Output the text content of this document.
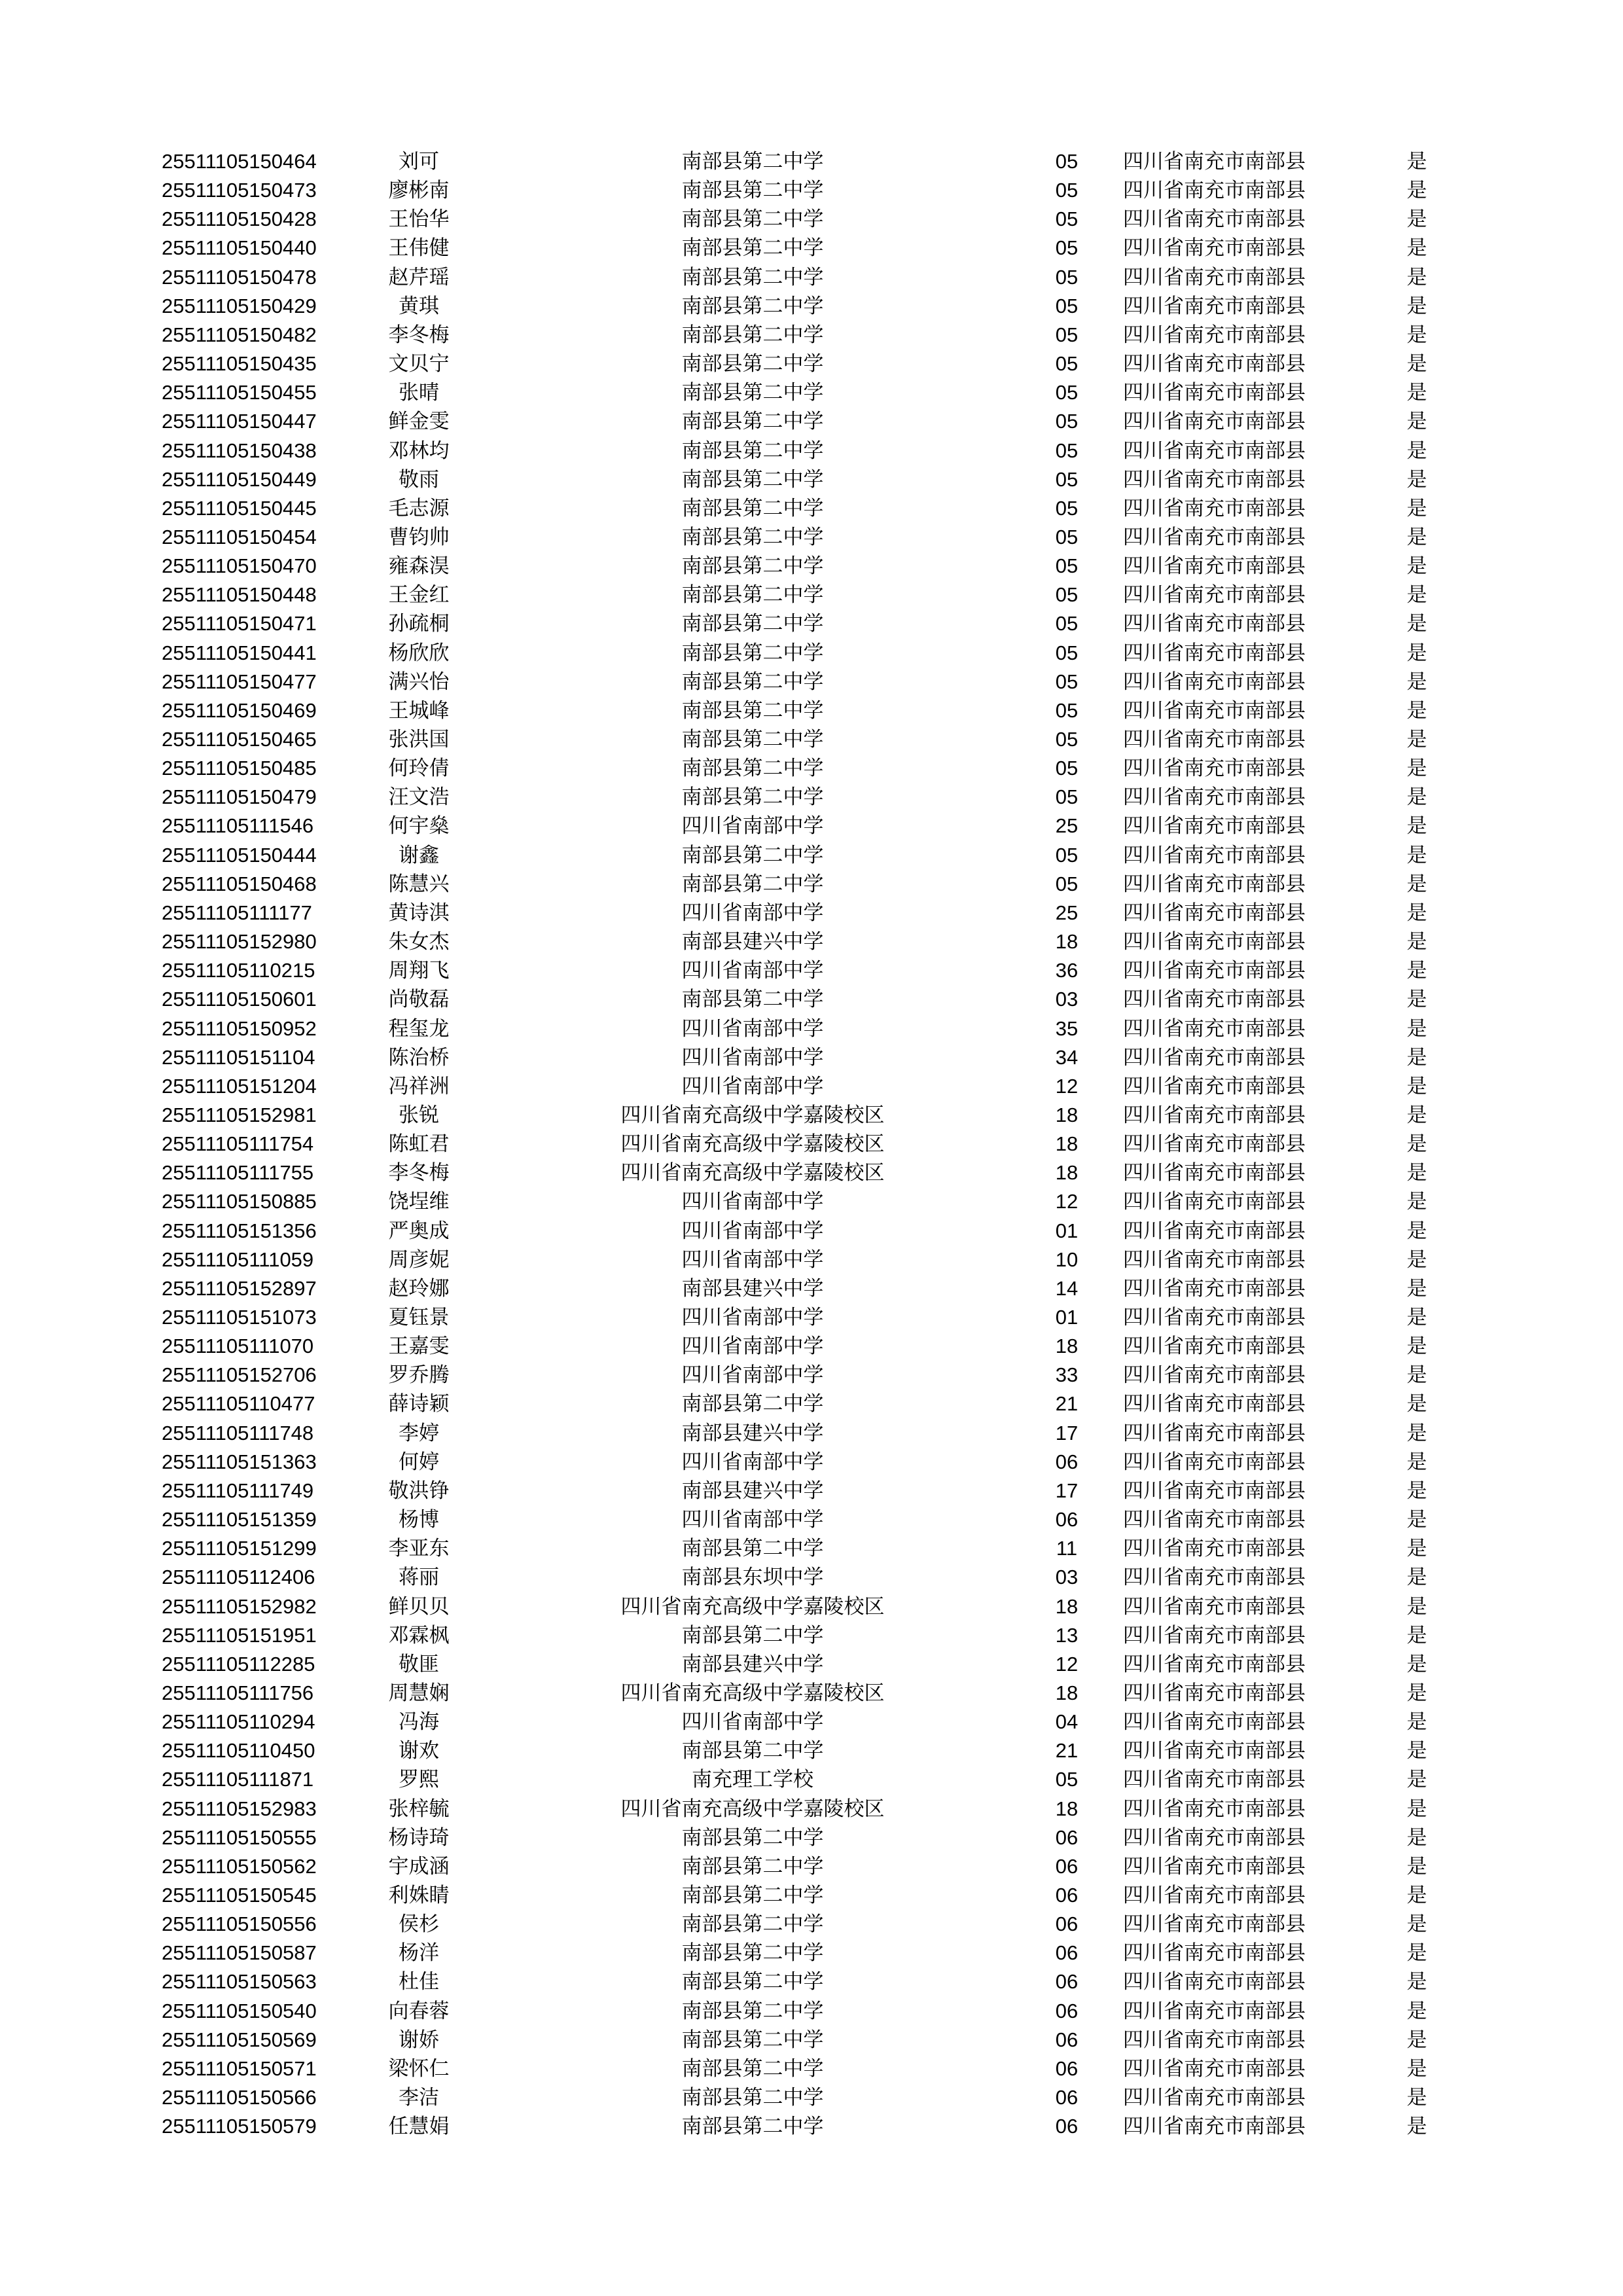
25511105150464	刘可	南部县第二中学	05	四川省南充市南部县	是
25511105150473	廖彬南	南部县第二中学	05	四川省南充市南部县	是
25511105150428	王怡华	南部县第二中学	05	四川省南充市南部县	是
25511105150440	王伟健	南部县第二中学	05	四川省南充市南部县	是
25511105150478	赵芹瑶	南部县第二中学	05	四川省南充市南部县	是
25511105150429	黄琪	南部县第二中学	05	四川省南充市南部县	是
25511105150482	李冬梅	南部县第二中学	05	四川省南充市南部县	是
25511105150435	文贝宁	南部县第二中学	05	四川省南充市南部县	是
25511105150455	张晴	南部县第二中学	05	四川省南充市南部县	是
25511105150447	鲜金雯	南部县第二中学	05	四川省南充市南部县	是
25511105150438	邓林均	南部县第二中学	05	四川省南充市南部县	是
25511105150449	敬雨	南部县第二中学	05	四川省南充市南部县	是
25511105150445	毛志源	南部县第二中学	05	四川省南充市南部县	是
25511105150454	曹钧帅	南部县第二中学	05	四川省南充市南部县	是
25511105150470	雍森淏	南部县第二中学	05	四川省南充市南部县	是
25511105150448	王金红	南部县第二中学	05	四川省南充市南部县	是
25511105150471	孙疏桐	南部县第二中学	05	四川省南充市南部县	是
25511105150441	杨欣欣	南部县第二中学	05	四川省南充市南部县	是
25511105150477	满兴怡	南部县第二中学	05	四川省南充市南部县	是
25511105150469	王城峰	南部县第二中学	05	四川省南充市南部县	是
25511105150465	张洪国	南部县第二中学	05	四川省南充市南部县	是
25511105150485	何玲倩	南部县第二中学	05	四川省南充市南部县	是
25511105150479	汪文浩	南部县第二中学	05	四川省南充市南部县	是
25511105111546	何宇燊	四川省南部中学	25	四川省南充市南部县	是
25511105150444	谢鑫	南部县第二中学	05	四川省南充市南部县	是
25511105150468	陈慧兴	南部县第二中学	05	四川省南充市南部县	是
25511105111177	黄诗淇	四川省南部中学	25	四川省南充市南部县	是
25511105152980	朱女杰	南部县建兴中学	18	四川省南充市南部县	是
25511105110215	周翔飞	四川省南部中学	36	四川省南充市南部县	是
25511105150601	尚敬磊	南部县第二中学	03	四川省南充市南部县	是
25511105150952	程玺龙	四川省南部中学	35	四川省南充市南部县	是
25511105151104	陈治桥	四川省南部中学	34	四川省南充市南部县	是
25511105151204	冯祥洲	四川省南部中学	12	四川省南充市南部县	是
25511105152981	张锐	四川省南充高级中学嘉陵校区	18	四川省南充市南部县	是
25511105111754	陈虹君	四川省南充高级中学嘉陵校区	18	四川省南充市南部县	是
25511105111755	李冬梅	四川省南充高级中学嘉陵校区	18	四川省南充市南部县	是
25511105150885	饶埕维	四川省南部中学	12	四川省南充市南部县	是
25511105151356	严奥成	四川省南部中学	01	四川省南充市南部县	是
25511105111059	周彦妮	四川省南部中学	10	四川省南充市南部县	是
25511105152897	赵玲娜	南部县建兴中学	14	四川省南充市南部县	是
25511105151073	夏钰景	四川省南部中学	01	四川省南充市南部县	是
25511105111070	王嘉雯	四川省南部中学	18	四川省南充市南部县	是
25511105152706	罗乔腾	四川省南部中学	33	四川省南充市南部县	是
25511105110477	薛诗颖	南部县第二中学	21	四川省南充市南部县	是
25511105111748	李婷	南部县建兴中学	17	四川省南充市南部县	是
25511105151363	何婷	四川省南部中学	06	四川省南充市南部县	是
25511105111749	敬洪铮	南部县建兴中学	17	四川省南充市南部县	是
25511105151359	杨博	四川省南部中学	06	四川省南充市南部县	是
25511105151299	李亚东	南部县第二中学	11	四川省南充市南部县	是
25511105112406	蒋丽	南部县东坝中学	03	四川省南充市南部县	是
25511105152982	鲜贝贝	四川省南充高级中学嘉陵校区	18	四川省南充市南部县	是
25511105151951	邓霖枫	南部县第二中学	13	四川省南充市南部县	是
25511105112285	敬匪	南部县建兴中学	12	四川省南充市南部县	是
25511105111756	周慧娴	四川省南充高级中学嘉陵校区	18	四川省南充市南部县	是
25511105110294	冯海	四川省南部中学	04	四川省南充市南部县	是
25511105110450	谢欢	南部县第二中学	21	四川省南充市南部县	是
25511105111871	罗熙	南充理工学校	05	四川省南充市南部县	是
25511105152983	张梓毓	四川省南充高级中学嘉陵校区	18	四川省南充市南部县	是
25511105150555	杨诗琦	南部县第二中学	06	四川省南充市南部县	是
25511105150562	宇成涵	南部县第二中学	06	四川省南充市南部县	是
25511105150545	利姝睛	南部县第二中学	06	四川省南充市南部县	是
25511105150556	侯杉	南部县第二中学	06	四川省南充市南部县	是
25511105150587	杨洋	南部县第二中学	06	四川省南充市南部县	是
25511105150563	杜佳	南部县第二中学	06	四川省南充市南部县	是
25511105150540	向春蓉	南部县第二中学	06	四川省南充市南部县	是
25511105150569	谢娇	南部县第二中学	06	四川省南充市南部县	是
25511105150571	梁怀仁	南部县第二中学	06	四川省南充市南部县	是
25511105150566	李洁	南部县第二中学	06	四川省南充市南部县	是
25511105150579	任慧娟	南部县第二中学	06	四川省南充市南部县	是
